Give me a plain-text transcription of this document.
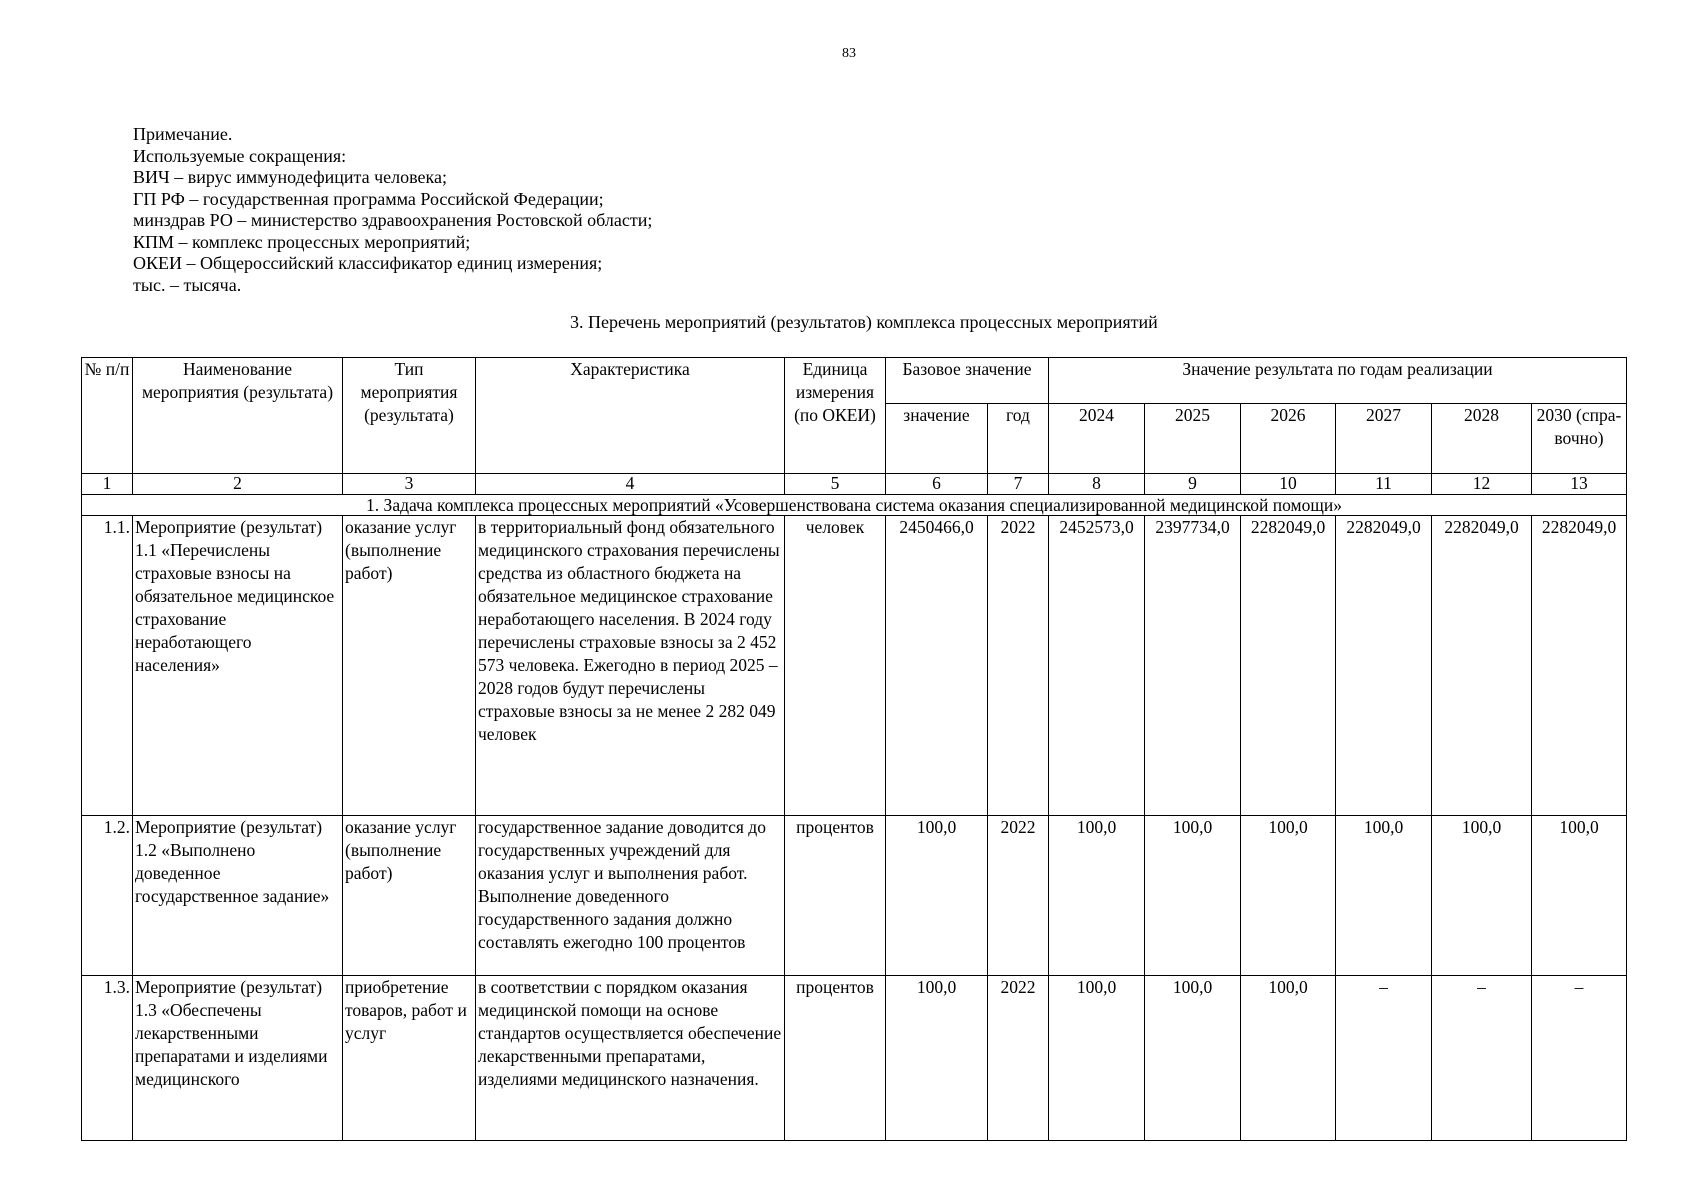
83
Примечание.
Используемые сокращения:
ВИЧ – вирус иммунодефицита человека;
ГП РФ – государственная программа Российской Федерации;
минздрав РО – министерство здравоохранения Ростовской области;
КПМ – комплекс процессных мероприятий;
ОКЕИ – Общероссийский классификатор единиц измерения;
тыс. – тысяча.
3. Перечень мероприятий (результатов) комплекса процессных мероприятий
№ п/п	Наименование мероприятия (результата)	Тип мероприятия (результата)	Характеристика	Единица измерения (по ОКЕИ)	Базовое значение		Значение результата по годам реализации					
					значение	год	2024	2025	2026	2027	2028	2030 (спра-вочно)
1	2	3	4	5	6	7	8	9	10	11	12	13
1. Задача комплекса процессных мероприятий «Усовершенствована система оказания специализированной медицинской помощи»												
1.1.	Мероприятие (результат) 1.1 «Перечислены страховые взносы на обязательное медицинское страхование неработающего населения»	оказание услуг (выполнение работ)	в территориальный фонд обязательного медицинского страхования перечислены средства из областного бюджета на обязательное медицинское страхование неработающего населения. В 2024 году перечислены страховые взносы за 2 452 573 человека. Ежегодно в период 2025 – 2028 годов будут перечислены страховые взносы за не менее 2 282 049 человек	человек	2450466,0	2022	2452573,0	2397734,0	2282049,0	2282049,0	2282049,0	2282049,0
1.2.	Мероприятие (результат) 1.2 «Выполнено доведенное государственное задание»	оказание услуг (выполнение работ)	государственное задание доводится до государственных учреждений для оказания услуг и выполнения работ. Выполнение доведенного государственного задания должно составлять ежегодно 100 процентов	процентов	100,0	2022	100,0	100,0	100,0	100,0	100,0	100,0
1.3.	Мероприятие (результат) 1.3 «Обеспечены лекарственными препаратами и изделиями медицинского	приобретение товаров, работ и услуг	в соответствии с порядком оказания медицинской помощи на основе стандартов осуществляется обеспечение лекарственными препаратами, изделиями медицинского назначения.	процентов	100,0	2022	100,0	100,0	100,0	–	–	–
